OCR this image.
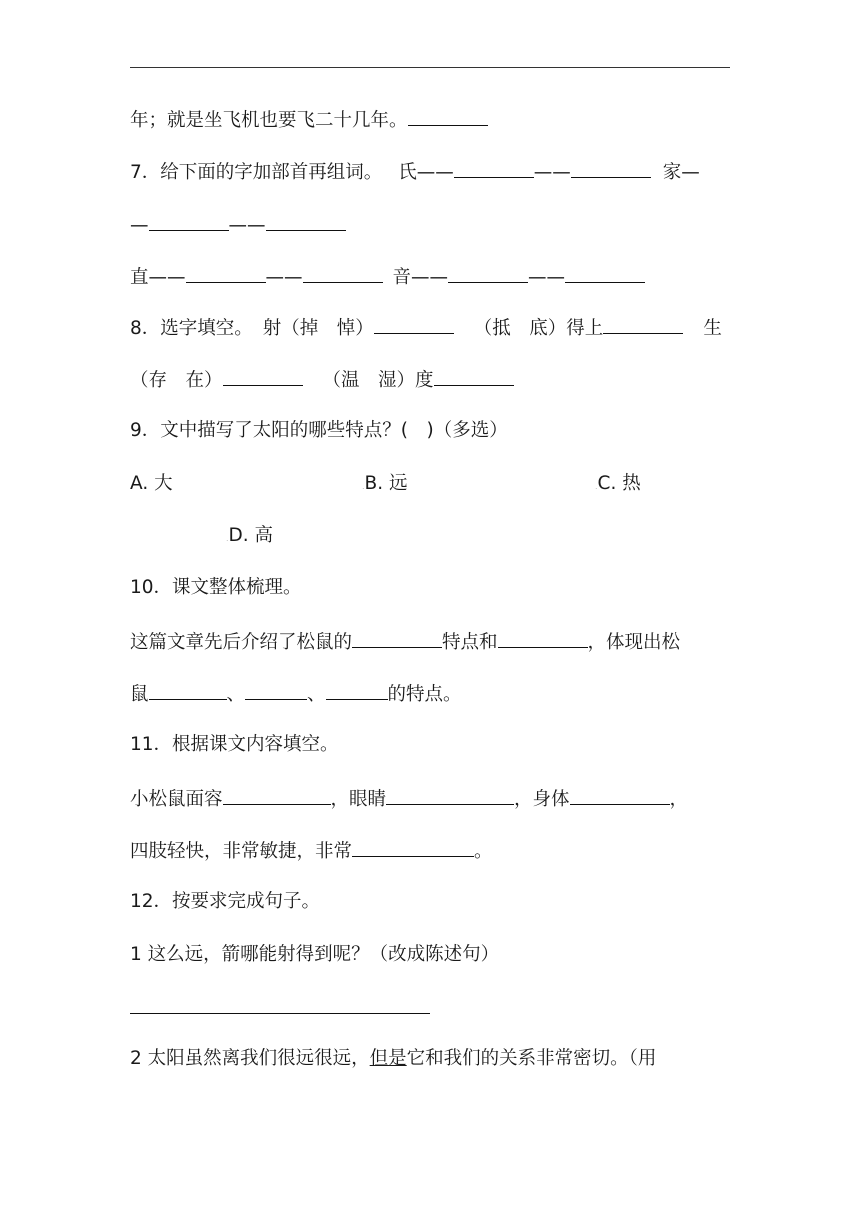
年；就是坐飞机也要飞二十几年。
7．给下面的字加部首再组词。 氏——	——	家—
—	——
直——	——	音——	——
8．选字填空。 射（掉　悼）	（抵　底）得上	生
（存　在）	（温　湿）度
9．文中描写了太阳的哪些特点？(　)（多选）
A. 大	.B. 远	.C. 热
.D. 高
10．课文整体梳理。
这篇文章先后介绍了松鼠的	特点和	，体现出松
鼠	、	、	的特点。
11．根据课文内容填空。
小松鼠面容	，眼睛	，身体	，
四肢轻快，非常敏捷，非常	。
12．按要求完成句子。
1 这么远，箭哪能射得到呢？（改成陈述句）
2 太阳虽然离我们很远很远，但是它和我们的关系非常密切。（用
